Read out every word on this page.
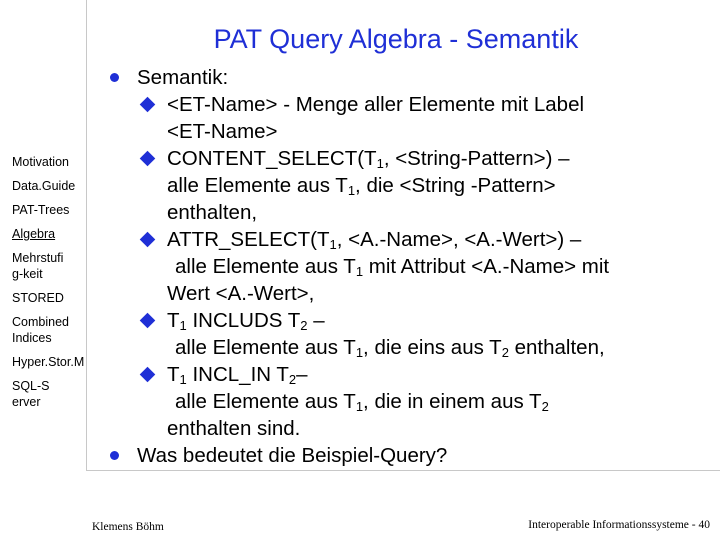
PAT Query Algebra - Semantik
Motivation
Data.Guide
PAT-Trees
Algebra
Mehrstufig-keit
STORED
Combined Indices
Hyper.Stor.M
SQL-Server
Semantik:
<ET-Name> - Menge aller Elemente mit Label
<ET-Name>
$CONTENT\_SELECT(T_1$, <String-Pattern>) –
alle Elemente aus $T_1$, die <String -Pattern>
enthalten,
$ATTR\_SELECT(T_1$, <A.-Name>, <A.-Wert>) –
alle Elemente aus $T_1$ mit Attribut <A.-Name> mit
Wert <A.-Wert>,
$T_1$ INCLUDS $T_2$ –
alle Elemente aus $T_1$, die eins aus $T_2$ enthalten,
$T_1$ INCL_IN $T_2-$
alle Elemente aus $T_1$, die in einem aus $T_2$
enthalten sind.
Was bedeutet die Beispiel-Query?
Klemens Böhm	Interoperable Informationssysteme - 40
